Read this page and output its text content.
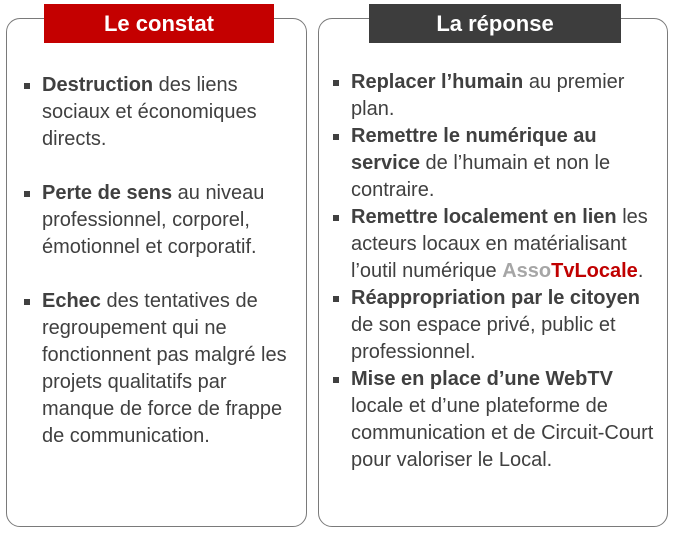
Le constat	La réponse
Destruction des liens sociaux et économiques directs.
Perte de sens au niveau professionnel, corporel, émotionnel et corporatif.
Echec des tentatives de regroupement qui ne fonctionnent pas malgré les projets qualitatifs par manque de force de frappe de communication.
Replacer l’humain au premier plan.
Remettre le numérique au service de l’humain et non le contraire.
Remettre localement en lien les acteurs locaux en matérialisant l’outil numérique AssoTvLocale.
Réappropriation par le citoyen de son espace privé, public et professionnel.
Mise en place d’une WebTV locale et d’une plateforme de communication et de Circuit-Court pour valoriser le Local.
